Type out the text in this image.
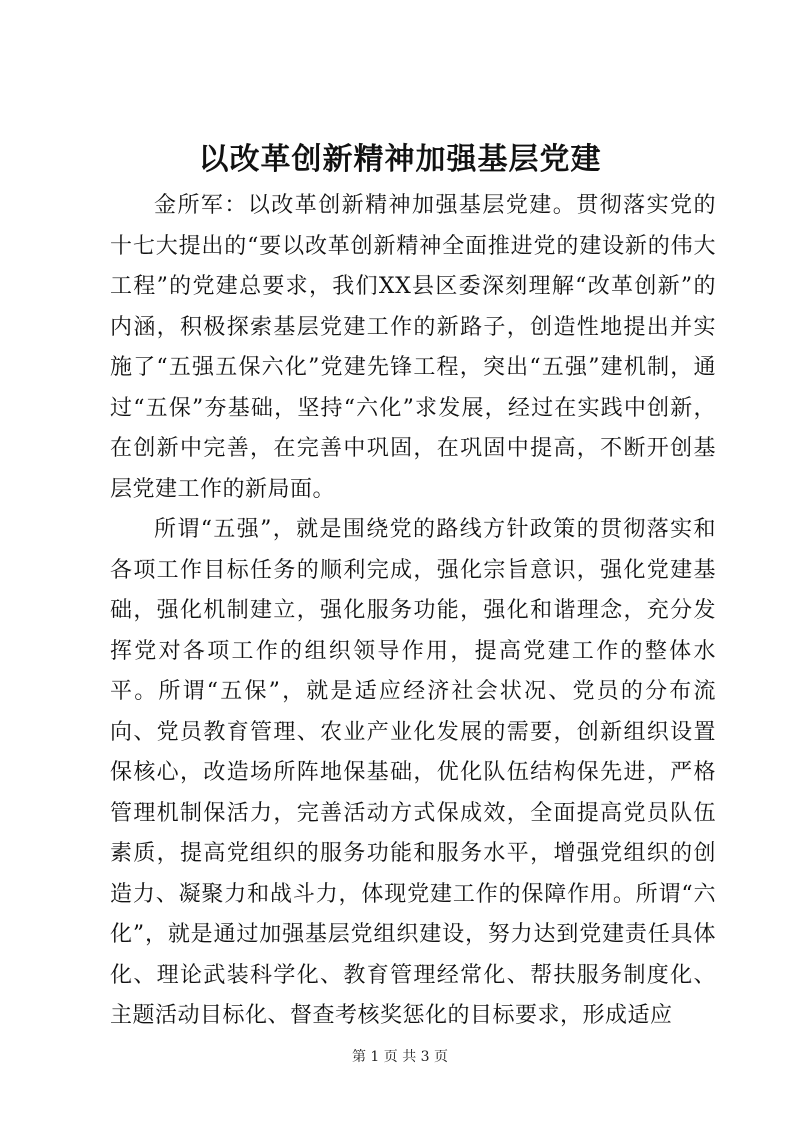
以改革创新精神加强基层党建

金所军：以改革创新精神加强基层党建。贯彻落实党的十七大提出的“要以改革创新精神全面推进党的建设新的伟大工程”的党建总要求，我们XX县区委深刻理解“改革创新”的内涵，积极探索基层党建工作的新路子，创造性地提出并实施了“五强五保六化”党建先锋工程，突出“五强”建机制，通过“五保”夯基础，坚持“六化”求发展，经过在实践中创新，在创新中完善，在完善中巩固，在巩固中提高，不断开创基层党建工作的新局面。

所谓“五强”，就是围绕党的路线方针政策的贯彻落实和各项工作目标任务的顺利完成，强化宗旨意识，强化党建基础，强化机制建立，强化服务功能，强化和谐理念，充分发挥党对各项工作的组织领导作用，提高党建工作的整体水平。所谓“五保”，就是适应经济社会状况、党员的分布流向、党员教育管理、农业产业化发展的需要，创新组织设置保核心，改造场所阵地保基础，优化队伍结构保先进，严格管理机制保活力，完善活动方式保成效，全面提高党员队伍素质，提高党组织的服务功能和服务水平，增强党组织的创造力、凝聚力和战斗力，体现党建工作的保障作用。所谓“六化”，就是通过加强基层党组织建设，努力达到党建责任具体化、理论武装科学化、教育管理经常化、帮扶服务制度化、主题活动目标化、督查考核奖惩化的目标要求，形成适应

第 1 页 共 3 页
